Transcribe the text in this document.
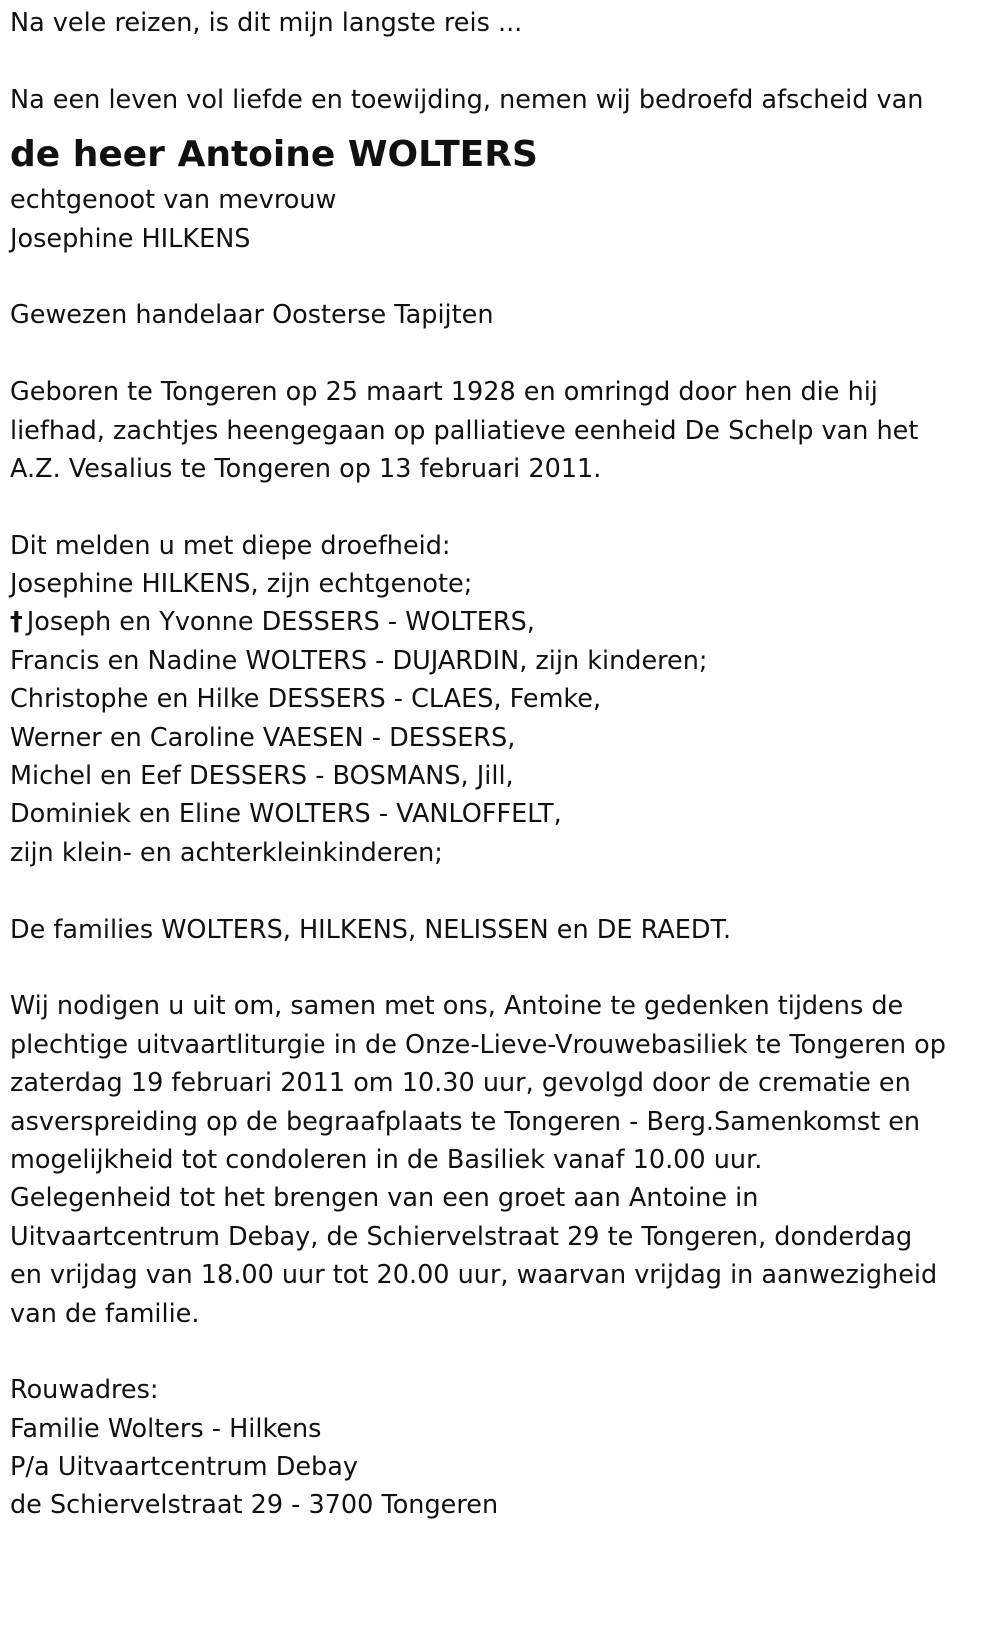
Na vele reizen, is dit mijn langste reis ...

Na een leven vol liefde en toewijding, nemen wij bedroefd afscheid van

de heer Antoine WOLTERS

echtgenoot van mevrouw

Josephine HILKENS

Gewezen handelaar Oosterse Tapijten

Geboren te Tongeren op 25 maart 1928 en omringd door hen die hij

liefhad, zachtjes heengegaan op palliatieve eenheid De Schelp van het

A.Z. Vesalius te Tongeren op 13 februari 2011.

Dit melden u met diepe droefheid:

Josephine HILKENS, zijn echtgenote;

† Joseph en Yvonne DESSERS - WOLTERS,

Francis en Nadine WOLTERS - DUJARDIN, zijn kinderen;

Christophe en Hilke DESSERS - CLAES, Femke,

Werner en Caroline VAESEN - DESSERS,

Michel en Eef DESSERS - BOSMANS, Jill,

Dominiek en Eline WOLTERS - VANLOFFELT,

zijn klein- en achterkleinkinderen;

De families WOLTERS, HILKENS, NELISSEN en DE RAEDT.

Wij nodigen u uit om, samen met ons, Antoine te gedenken tijdens de

plechtige uitvaartliturgie in de Onze-Lieve-Vrouwebasiliek te Tongeren op

zaterdag 19 februari 2011 om 10.30 uur, gevolgd door de crematie en

asverspreiding op de begraafplaats te Tongeren - Berg.Samenkomst en

mogelijkheid tot condoleren in de Basiliek vanaf 10.00 uur.

Gelegenheid tot het brengen van een groet aan Antoine in

Uitvaartcentrum Debay, de Schiervelstraat 29 te Tongeren, donderdag

en vrijdag van 18.00 uur tot 20.00 uur, waarvan vrijdag in aanwezigheid

van de familie.

Rouwadres:

Familie Wolters - Hilkens

P/a Uitvaartcentrum Debay

de Schiervelstraat 29 - 3700 Tongeren
